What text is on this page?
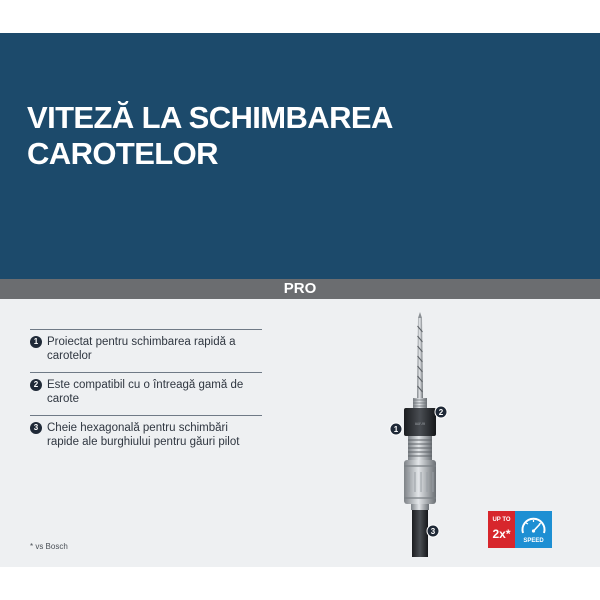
VITEZĂ LA SCHIMBAREA
CAROTELOR
PRO
1 Proiectat pentru schimbarea rapidă a carotelor
2 Este compatibil cu o întreagă gamă de carote
3 Cheie hexagonală pentru schimbări rapide ale burghiului pentru găuri pilot
* vs Bosch
///// ///
1
2
3
UP TO
2x*	SPEED
